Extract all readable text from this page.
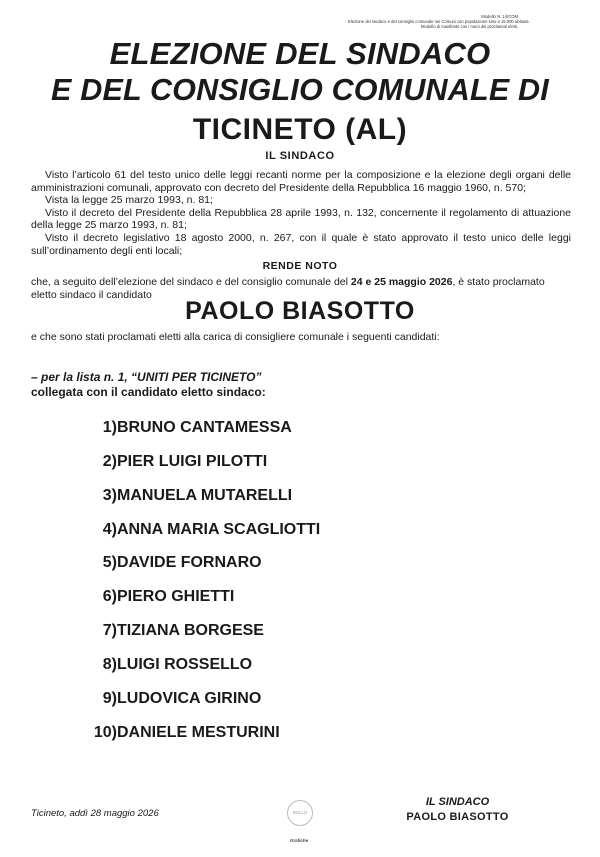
Modello N. 14/COM
Elezione del sindaco e del consiglio comunale nei Comuni con popolazione sino a 15.000 abitanti.
Modello di manifesto con i nomi dei proclamati eletti.
ELEZIONE DEL SINDACO
E DEL CONSIGLIO COMUNALE DI
TICINETO (AL)
IL SINDACO

Visto l’articolo 61 del testo unico delle leggi recanti norme per la composizione e la elezione degli organi delle amministrazioni comunali, approvato con decreto del Presidente della Repubblica 16 maggio 1960, n. 570;

Vista la legge 25 marzo 1993, n. 81;

Visto il decreto del Presidente della Repubblica 28 aprile 1993, n. 132, concernente il regolamento di attuazione della legge 25 marzo 1993, n. 81;

Visto il decreto legislativo 18 agosto 2000, n. 267, con il quale è stato approvato il testo unico delle leggi sull’ordinamento degli enti locali;

RENDE NOTO
che, a seguito dell’elezione del sindaco e del consiglio comunale del 24 e 25 maggio 2026, è stato proclamato eletto sindaco il candidato
PAOLO BIASOTTO
e che sono stati proclamati eletti alla carica di consigliere comunale i seguenti candidati:
– per la lista n. 1, “UNITI PER TICINETO”
collegata con il candidato eletto sindaco:
1) BRUNO CANTAMESSA
2) PIER LUIGI PILOTTI
3) MANUELA MUTARELLI
4) ANNA MARIA SCAGLIOTTI
5) DAVIDE FORNARO
6) PIERO GHIETTI
7) TIZIANA BORGESE
8) LUIGI ROSSELLO
9) LUDOVICA GIRINO
10) DANIELE MESTURINI
Ticineto, addì 28 maggio 2026	BOLLO
IL SINDACO
PAOLO BIASOTTO
Grafiche
